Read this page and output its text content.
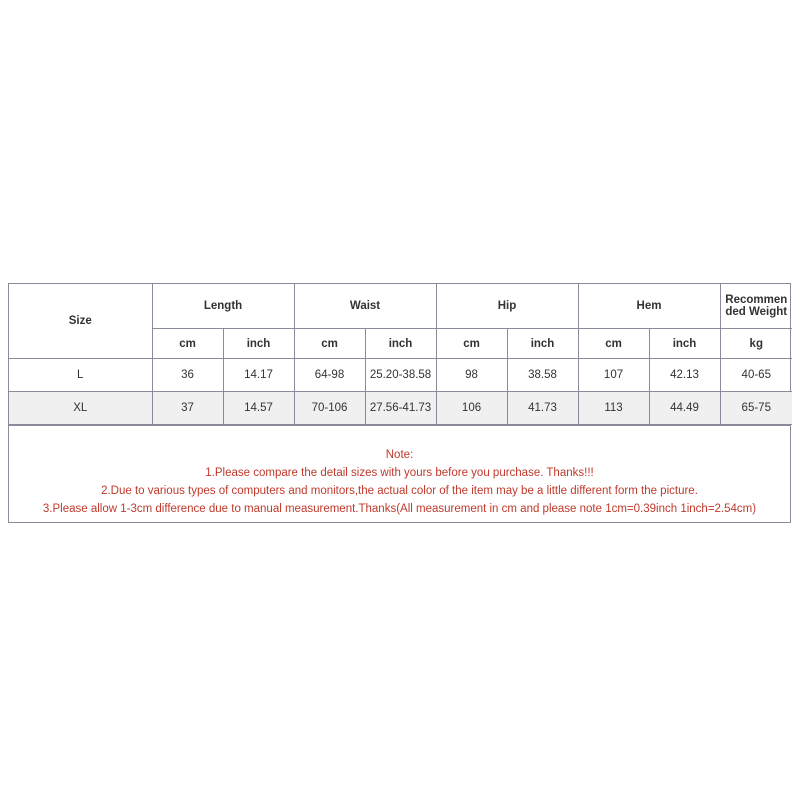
Size	Length		Waist		Hip		Hem		Recommended Weight
	cm	inch	cm	inch	cm	inch	cm	inch	kg
L	36	14.17	64-98	25.20-38.58	98	38.58	107	42.13	40-65
XL	37	14.57	70-106	27.56-41.73	106	41.73	113	44.49	65-75
Note:
1.Please compare the detail sizes with yours before you purchase. Thanks!!!
2.Due to various types of computers and monitors,the actual color of the item may be a little different form the picture.
3.Please allow 1-3cm difference due to manual measurement.Thanks(All measurement in cm and please note 1cm=0.39inch 1inch=2.54cm)
